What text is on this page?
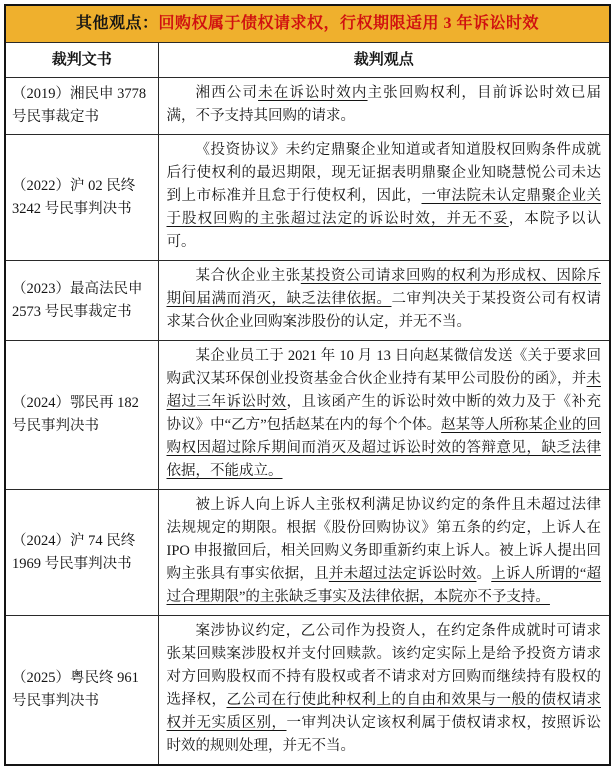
其他观点：回购权属于债权请求权，行权期限适用 3 年诉讼时效	
裁判文书	裁判观点
（2019）湘民申 3778 号民事裁定书	湘西公司未在诉讼时效内主张回购权利，目前诉讼时效已届满，不予支持其回购的请求。

（2022）沪 02 民终 3242 号民事判决书	《投资协议》未约定鼎聚企业知道或者知道股权回购条件成就后行使权利的最迟期限，现无证据表明鼎聚企业知晓慧悦公司未达到上市标准并且怠于行使权利，因此，一审法院未认定鼎聚企业关于股权回购的主张超过法定的诉讼时效，并无不妥，本院予以认可。

（2023）最高法民申 2573 号民事裁定书	某合伙企业主张某投资公司请求回购的权利为形成权、因除斥期间届满而消灭，缺乏法律依据。二审判决关于某投资公司有权请求某合伙企业回购案涉股份的认定，并无不当。

（2024）鄂民再 182 号民事判决书	某企业员工于 2021 年 10 月 13 日向赵某微信发送《关于要求回购武汉某环保创业投资基金合伙企业持有某甲公司股份的函》，并未超过三年诉讼时效，且该函产生的诉讼时效中断的效力及于《补充协议》中“乙方”包括赵某在内的每个个体。赵某等人所称某企业的回购权因超过除斥期间而消灭及超过诉讼时效的答辩意见，缺乏法律依据，不能成立。

（2024）沪 74 民终 1969 号民事判决书	被上诉人向上诉人主张权利满足协议约定的条件且未超过法律法规规定的期限。根据《股份回购协议》第五条的约定，上诉人在 IPO 申报撤回后，相关回购义务即重新约束上诉人。被上诉人提出回购主张具有事实依据，且并未超过法定诉讼时效。上诉人所谓的“超过合理期限”的主张缺乏事实及法律依据，本院亦不予支持。

（2025）粤民终 961 号民事判决书	案涉协议约定，乙公司作为投资人，在约定条件成就时可请求张某回赎案涉股权并支付回赎款。该约定实际上是给予投资方请求对方回购股权而不持有股权或者不请求对方回购而继续持有股权的选择权，乙公司在行使此种权利上的自由和效果与一般的债权请求权并无实质区别，一审判决认定该权利属于债权请求权，按照诉讼时效的规则处理，并无不当。
